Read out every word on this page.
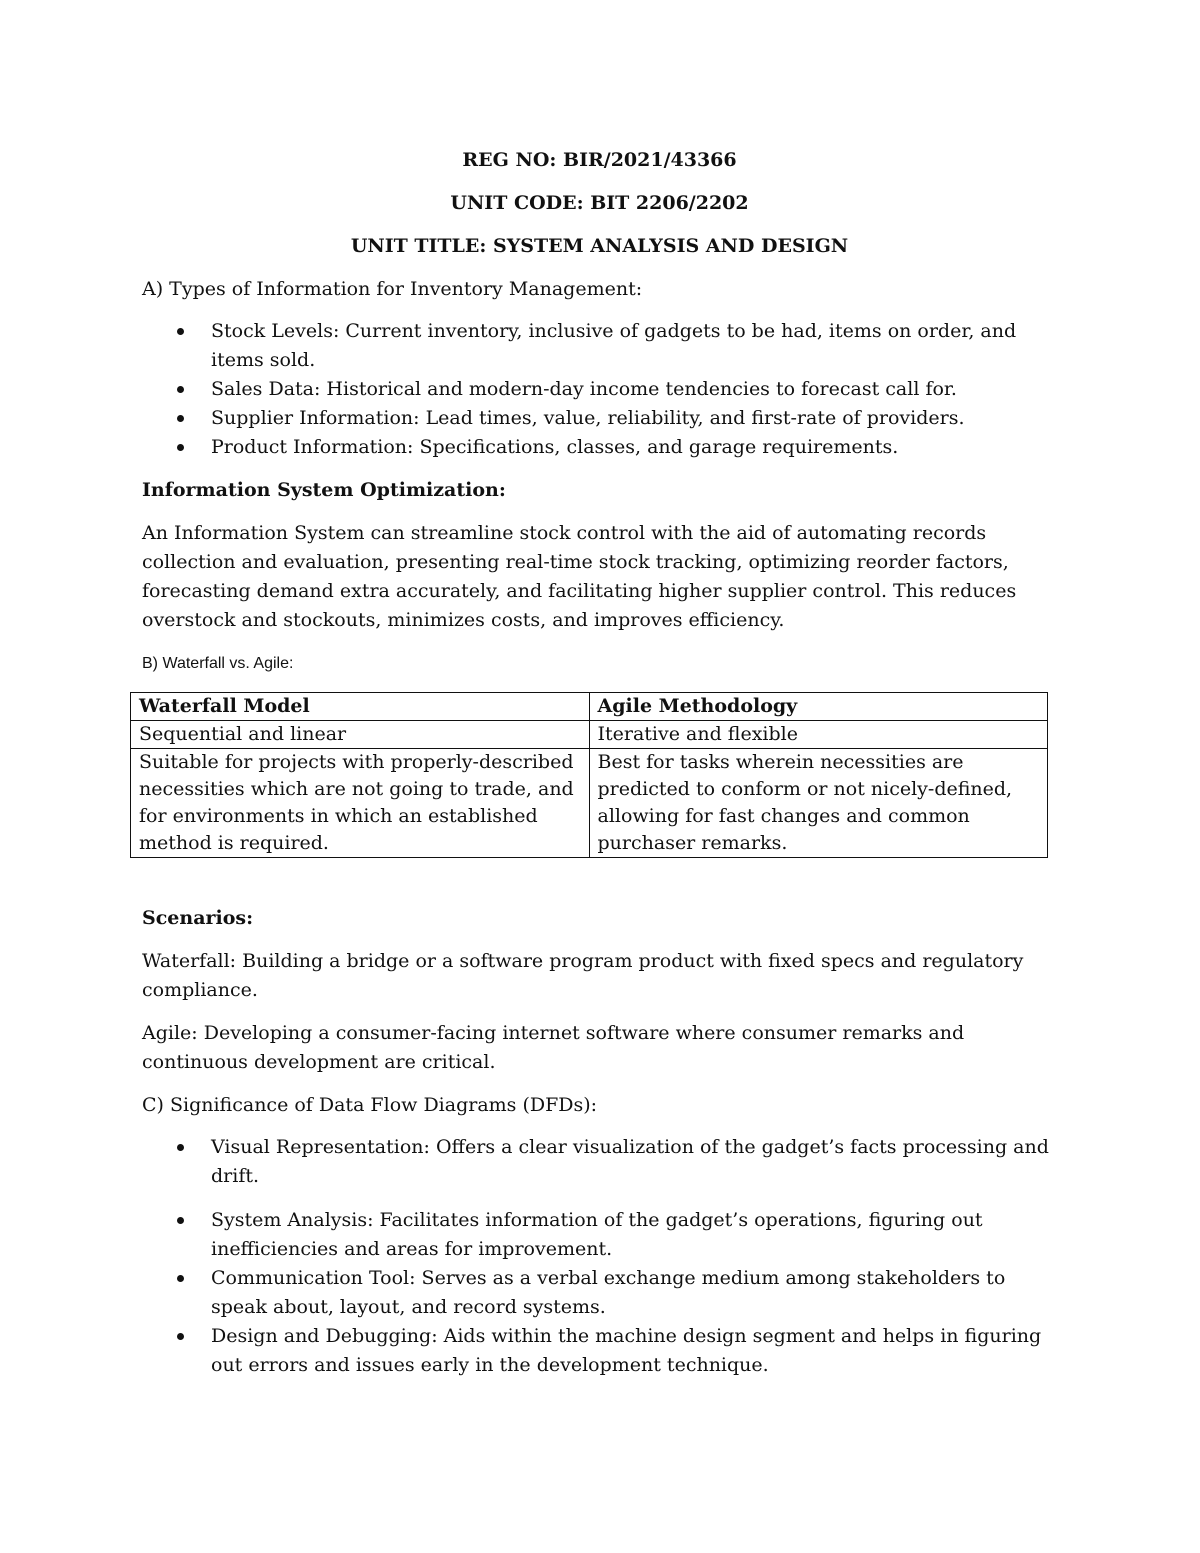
REG NO: BIR/2021/43366

UNIT CODE: BIT 2206/2202

UNIT TITLE: SYSTEM ANALYSIS AND DESIGN

A) Types of Information for Inventory Management:

Stock Levels: Current inventory, inclusive of gadgets to be had, items on order, and items sold.
Sales Data: Historical and modern-day income tendencies to forecast call for.
Supplier Information: Lead times, value, reliability, and first-rate of providers.
Product Information: Specifications, classes, and garage requirements.

Information System Optimization:

An Information System can streamline stock control with the aid of automating records collection and evaluation, presenting real-time stock tracking, optimizing reorder factors, forecasting demand extra accurately, and facilitating higher supplier control. This reduces overstock and stockouts, minimizes costs, and improves efficiency.

B) Waterfall vs. Agile:

Waterfall Model	Agile Methodology
Sequential and linear	Iterative and flexible
Suitable for projects with properly-described necessities which are not going to trade, and for environments in which an established method is required.	Best for tasks wherein necessities are predicted to conform or not nicely-defined, allowing for fast changes and common purchaser remarks.

Scenarios:

Waterfall: Building a bridge or a software program product with fixed specs and regulatory compliance.

Agile: Developing a consumer-facing internet software where consumer remarks and continuous development are critical.

C) Significance of Data Flow Diagrams (DFDs):

Visual Representation: Offers a clear visualization of the gadget’s facts processing and drift.
System Analysis: Facilitates information of the gadget’s operations, figuring out inefficiencies and areas for improvement.
Communication Tool: Serves as a verbal exchange medium among stakeholders to speak about, layout, and record systems.
Design and Debugging: Aids within the machine design segment and helps in figuring out errors and issues early in the development technique.
